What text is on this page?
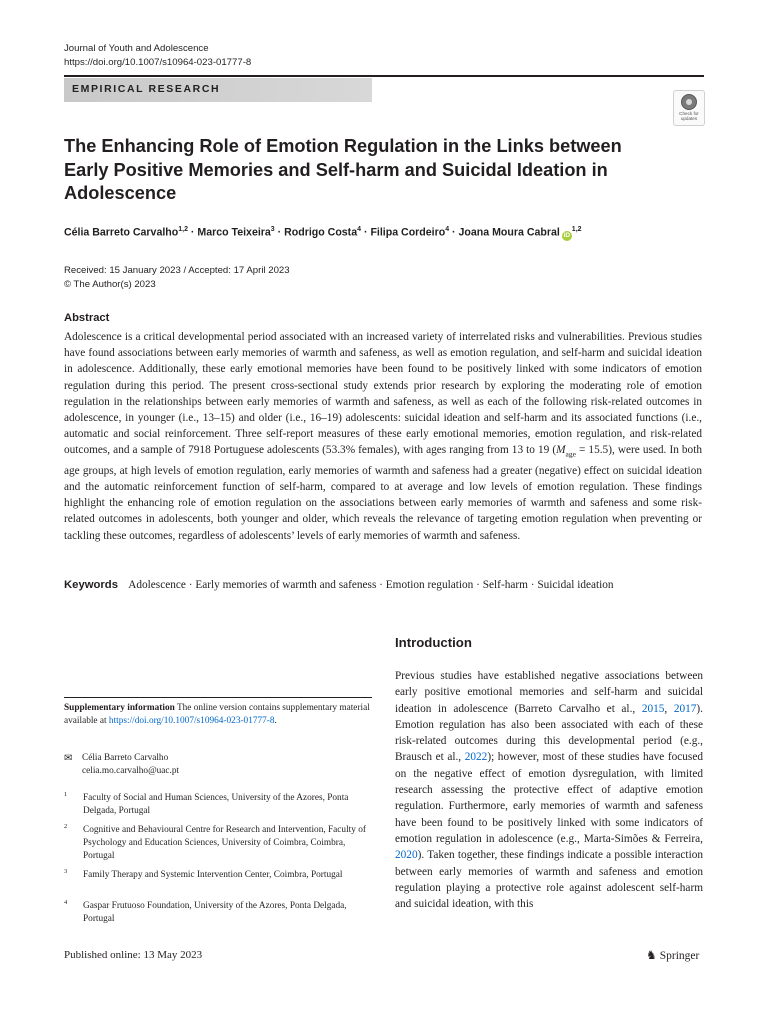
Journal of Youth and Adolescence
https://doi.org/10.1007/s10964-023-01777-8
EMPIRICAL RESEARCH
Check for updates
The Enhancing Role of Emotion Regulation in the Links between Early Positive Memories and Self-harm and Suicidal Ideation in Adolescence
Célia Barreto Carvalho$^{1,2}$ · Marco Teixeira$^3$ · Rodrigo Costa$^4$ · Filipa Cordeiro$^4$ · Joana Moura Cabral iD$^{1,2}$
Received: 15 January 2023 / Accepted: 17 April 2023
© The Author(s) 2023
Abstract

Adolescence is a critical developmental period associated with an increased variety of interrelated risks and vulnerabilities. Previous studies have found associations between early memories of warmth and safeness, as well as emotion regulation, and self-harm and suicidal ideation in adolescence. Additionally, these early emotional memories have been found to be positively linked with some indicators of emotion regulation during this period. The present cross-sectional study extends prior research by exploring the moderating role of emotion regulation in the relationships between early memories of warmth and safeness, as well as each of the following risk-related outcomes in adolescence, in younger (i.e., 13–15) and older (i.e., 16–19) adolescents: suicidal ideation and self-harm and its associated functions (i.e., automatic and social reinforcement. Three self-report measures of these early emotional memories, emotion regulation, and risk-related outcomes, and a sample of 7918 Portuguese adolescents (53.3% females), with ages ranging from 13 to 19 $(M_{age} = 15.5)$, were used. In both age groups, at high levels of emotion regulation, early memories of warmth and safeness had a greater (negative) effect on suicidal ideation and the automatic reinforcement function of self-harm, compared to at average and low levels of emotion regulation. These findings highlight the enhancing role of emotion regulation on the associations between early memories of warmth and safeness and some risk-related outcomes in adolescents, both younger and older, which reveals the relevance of targeting emotion regulation when preventing or tackling these outcomes, regardless of adolescents’ levels of early memories of warmth and safeness.

Keywords Adolescence · Early memories of warmth and safeness · Emotion regulation · Self-harm · Suicidal ideation
Introduction

Previous studies have established negative associations between early positive emotional memories and self-harm and suicidal ideation in adolescence (Barreto Carvalho et al., 2015, 2017). Emotion regulation has also been associated with each of these risk-related outcomes during this developmental period (e.g., Brausch et al., 2022); however, most of these studies have focused on the negative effect of emotion dysregulation, with limited research assessing the protective effect of adaptive emotion regulation. Furthermore, early memories of warmth and safeness have been found to be positively linked with some indicators of emotion regulation in adolescence (e.g., Marta-Simões & Ferreira, 2020). Taken together, these findings indicate a possible interaction between early memories of warmth and safeness and emotion regulation playing a protective role against adolescent self-harm and suicidal ideation, with this

Supplementary information The online version contains supplementary material available at https://doi.org/10.1007/s10964-023-01777-8.
✉ Célia Barreto Carvalho
celia.mo.carvalho@uac.pt
1 Faculty of Social and Human Sciences, University of the Azores, Ponta Delgada, Portugal
2 Cognitive and Behavioural Centre for Research and Intervention, Faculty of Psychology and Education Sciences, University of Coimbra, Coimbra, Portugal
3 Family Therapy and Systemic Intervention Center, Coimbra, Portugal
4 Gaspar Frutuoso Foundation, University of the Azores, Ponta Delgada, Portugal
Published online: 13 May 2023	♞ Springer
